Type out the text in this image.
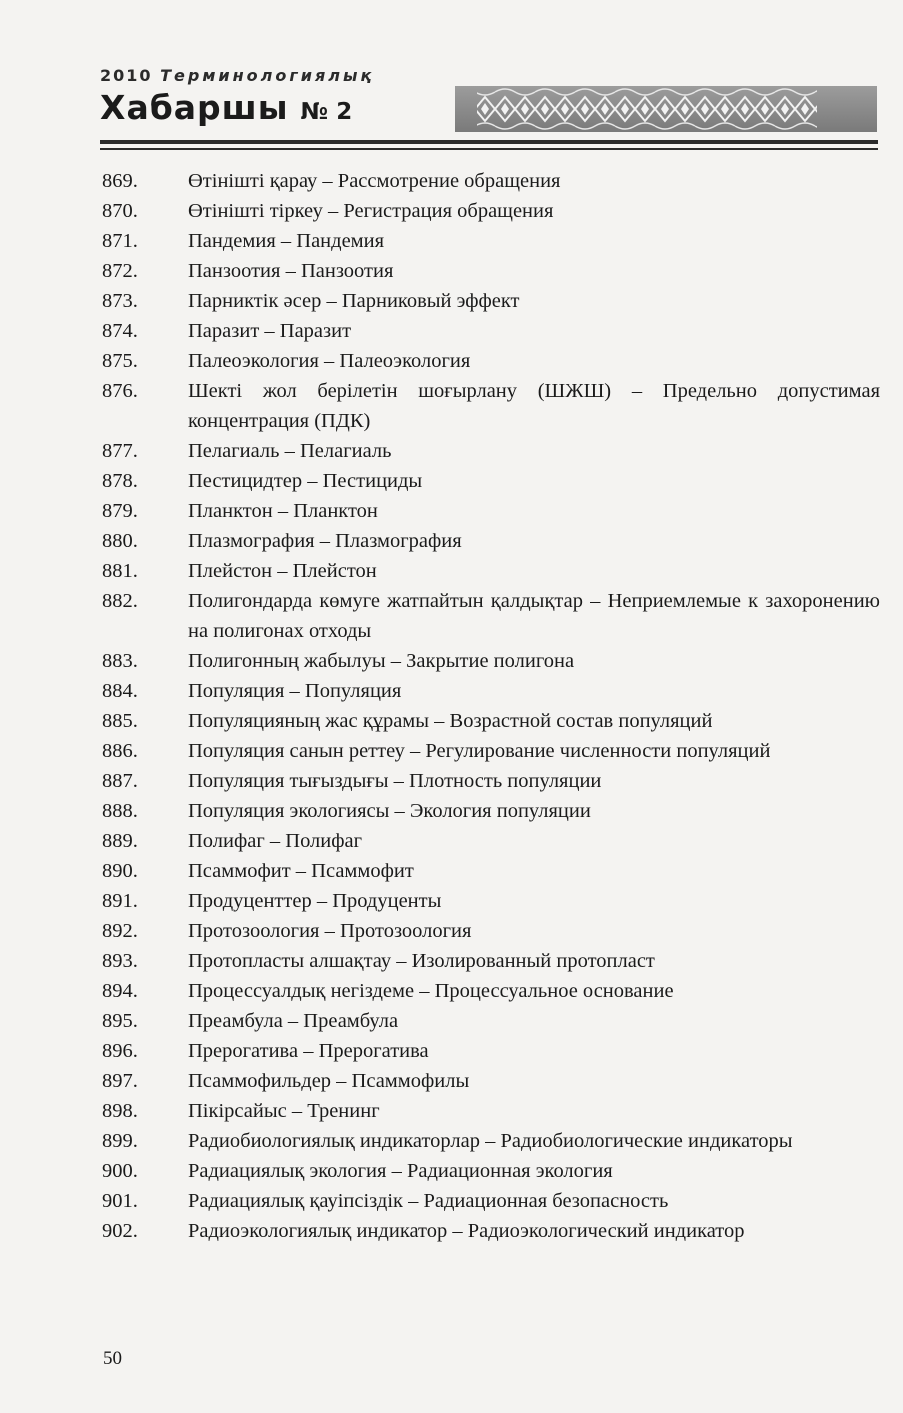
2010 Терминологиялық
Хабаршы № 2
869. Өтінішті қарау – Рассмотрение обращения
870. Өтінішті тіркеу – Регистрация обращения
871. Пандемия – Пандемия
872. Панзоотия – Панзоотия
873. Парниктік әсер – Парниковый эффект
874. Паразит – Паразит
875. Палеоэкология – Палеоэкология
876. Шекті жол берілетін шоғырлану (ШЖШ) – Предельно допустимая концентрация (ПДК)
877. Пелагиаль – Пелагиаль
878. Пестицидтер – Пестициды
879. Планктон – Планктон
880. Плазмография – Плазмография
881. Плейстон – Плейстон
882. Полигондарда көмуге жатпайтын қалдықтар – Неприемлемые к захоронению на полигонах отходы
883. Полигонның жабылуы – Закрытие полигона
884. Популяция – Популяция
885. Популяцияның жас құрамы – Возрастной состав популяций
886. Популяция санын реттеу – Регулирование численности популяций
887. Популяция тығыздығы – Плотность популяции
888. Популяция экологиясы – Экология популяции
889. Полифаг – Полифаг
890. Псаммофит – Псаммофит
891. Продуценттер – Продуценты
892. Протозоология – Протозоология
893. Протопласты алшақтау – Изолированный протопласт
894. Процессуалдық негіздеме – Процессуальное основание
895. Преамбула – Преамбула
896. Прерогатива – Прерогатива
897. Псаммофильдер – Псаммофилы
898. Пікірсайыс – Тренинг
899. Радиобиологиялық индикаторлар – Радиобиологические индикаторы
900. Радиациялық экология – Радиационная экология
901. Радиациялық қауіпсіздік – Радиационная безопасность
902. Радиоэкологиялық индикатор – Радиоэкологический индикатор
50
